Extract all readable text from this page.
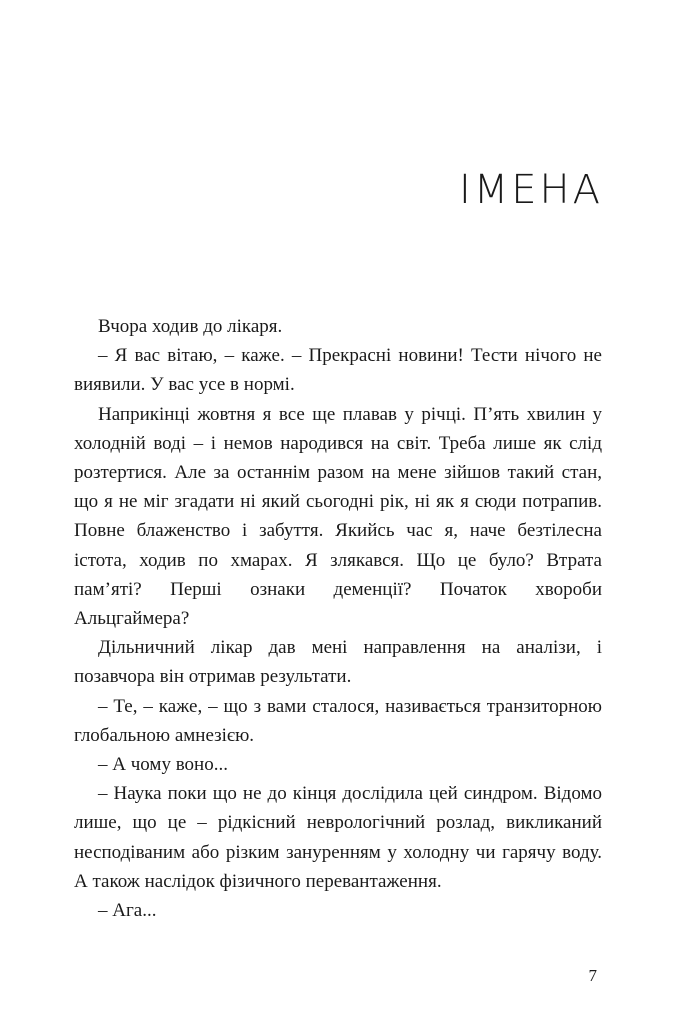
ІМЕНА

Вчора ходив до лікаря.

– Я вас вітаю, – каже. – Прекрасні новини! Тести нічого не виявили. У вас усе в нормі.

Наприкінці жовтня я все ще плавав у річці. П’ять хвилин у холодній воді – і немов народився на світ. Треба лише як слід розтертися. Але за останнім разом на мене зійшов такий стан, що я не міг згадати ні який сьогодні рік, ні як я сюди потрапив. Повне блаженство і забуття. Якийсь час я, наче безтілесна істота, ходив по хмарах. Я злякався. Що це було? Втрата пам’яті? Перші ознаки деменції? Початок хвороби Альцгаймера?

Дільничний лікар дав мені направлення на аналізи, і позавчора він отримав результати.

– Те, – каже, – що з вами сталося, називається транзиторною глобальною амнезією.

– А чому воно...

– Наука поки що не до кінця дослідила цей синдром. Відомо лише, що це – рідкісний неврологічний розлад, викликаний несподіваним або різким зануренням у холодну чи гарячу воду. А також наслідок фізичного перевантаження.

– Ага...

7
